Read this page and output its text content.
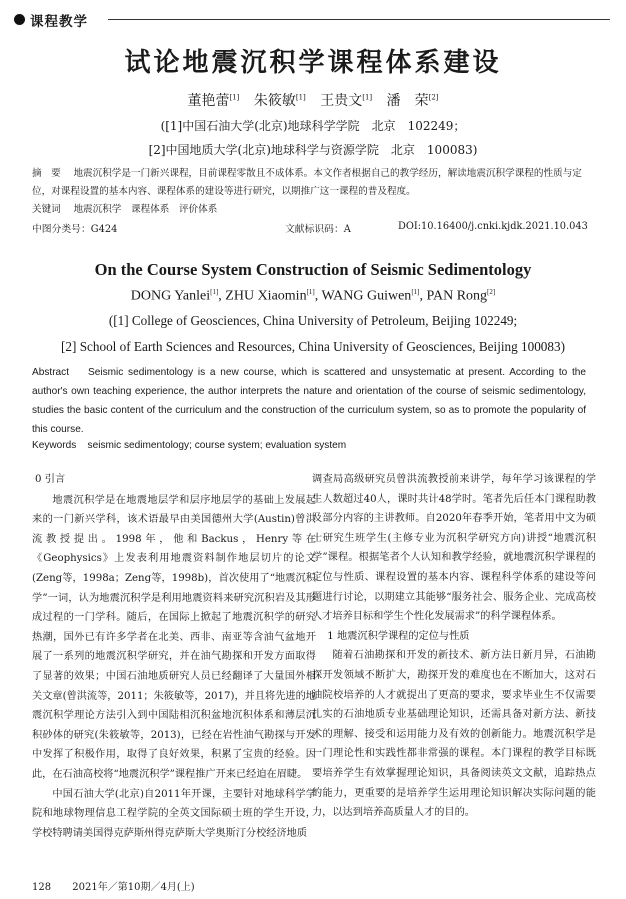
课程教学
试论地震沉积学课程体系建设
董艳蕾[1] 朱筱敏[1] 王贵文[1] 潘　荣[2]
([1]中国石油大学(北京)地球科学学院　北京　102249；
[2]中国地质大学(北京)地球科学与资源学院　北京　100083)
摘　要　 地震沉积学是一门新兴课程，目前课程零散且不成体系。本文作者根据自己的教学经历，解读地震沉积学课程的性质与定位，对课程设置的基本内容、课程体系的建设等进行研究，以期推广这一课程的普及程度。
关键词　 地震沉积学　课程体系　评价体系
中图分类号：G424	文献标识码：A	DOI:10.16400/j.cnki.kjdk.2021.10.043
On the Course System Construction of Seismic Sedimentology
DONG Yanlei[1], ZHU Xiaomin[1], WANG Guiwen[1], PAN Rong[2]
([1] College of Geosciences, China University of Petroleum, Beijing 102249;
[2] School of Earth Sciences and Resources, China University of Geosciences, Beijing 100083)
Abstract Seismic sedimentology is a new course, which is scattered and unsystematic at present. According to the author's own teaching experience, the author interprets the nature and orientation of the course of seismic sedimentology, studies the basic content of the curriculum and the construction of the curriculum system, so as to promote the popularity of this course.
Keywords seismic sedimentology; course system; evaluation system

0 引言

地震沉积学是在地震地层学和层序地层学的基础上发展起来的一门新兴学科，该术语最早由美国德州大学(Austin)曾洪流教授提出。1998年，他和Backus，Henry等在《Geophysics》上发表利用地震资料制作地层切片的论文(Zeng等，1998a；Zeng等，1998b)，首次使用了“地震沉积学”一词，认为地震沉积学是利用地震资料来研究沉积岩及其形成过程的一门学科。随后，在国际上掀起了地震沉积学的研究热潮，国外已有许多学者在北美、西非、南亚等含油气盆地开展了一系列的地震沉积学研究，并在油气勘探和开发方面取得了显著的效果；中国石油地质研究人员已经翻译了大量国外相关文章(曾洪流等，2011；朱筱敏等，2017)，并且将先进的地震沉积学理论方法引入到中国陆相沉积盆地沉积体系和薄层沉积砂体的研究(朱筱敏等，2013)，已经在岩性油气勘探与开发中发挥了积极作用，取得了良好效果，积累了宝贵的经验。因此，在石油高校将“地震沉积学”课程推广开来已经迫在眉睫。

中国石油大学(北京)自2011年开课，主要针对地球科学学院和地球物理信息工程学院的全英文国际硕士班的学生开设，学校特聘请美国得克萨斯州得克萨斯大学奥斯汀分校经济地质

调查局高级研究员曾洪流教授前来讲学，每年学习该课程的学生人数超过40人，课时共计48学时。笔者先后任本门课程助教及部分内容的主讲教师。自2020年春季开始，笔者用中文为硕士研究生班学生(主修专业为沉积学研究方向)讲授“地震沉积学”课程。根据笔者个人认知和教学经验，就地震沉积学课程的定位与性质、课程设置的基本内容、课程科学体系的建设等问题进行讨论，以期建立其能够“服务社会、服务企业、完成高校人才培养目标和学生个性化发展需求”的科学课程体系。

1 地震沉积学课程的定位与性质

随着石油勘探和开发的新技术、新方法日新月异，石油勘探开发领域不断扩大，勘探开发的难度也在不断加大，这对石油院校培养的人才就提出了更高的要求，要求毕业生不仅需要扎实的石油地质专业基础理论知识，还需具备对新方法、新技术的理解、接受和运用能力及有效的创新能力。地震沉积学是一门理论性和实践性都非常强的课程。本门课程的教学目标既要培养学生有效掌握理论知识，具备阅读英文文献，追踪热点的能力，更重要的是培养学生运用理论知识解决实际问题的能力，以达到培养高质量人才的目的。

128 2021年／第10期／4月(上)
